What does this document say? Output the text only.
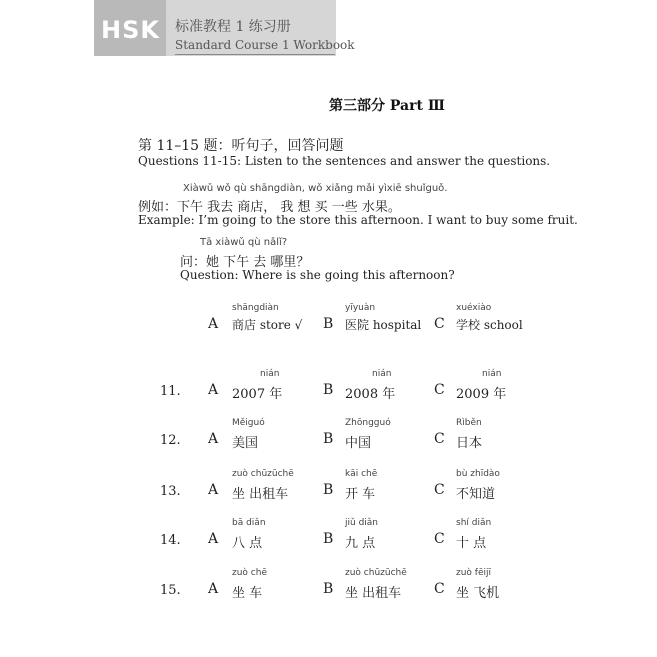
HSK 标准教程 1 练习册
Standard Course 1 Workbook
第三部分 Part Ⅲ
第 11–15 题：听句子，回答问题
Questions 11-15: Listen to the sentences and answer the questions.
Xiàwǔ wǒ qù shāngdiàn, wǒ xiǎng mǎi yìxiē shuǐguǒ.
例如：下午 我去 商店， 我 想 买 一些 水果。
Example: I’m going to the store this afternoon. I want to buy some fruit.
Tā xiàwǔ qù nǎlǐ?
问：她 下午 去 哪里？
Question: Where is she going this afternoon?
shāngdiàn
A 商店 store √
yīyuàn
B 医院 hospital
xuéxiào
C 学校 school
11.
nián
A 2007 年
nián
B 2008 年
nián
C 2009 年
12.
Měiguó
A 美国
Zhōngguó
B 中国
Rìběn
C 日本
13.
zuò chūzūchē
A 坐 出租车
kāi chē
B 开 车
bù zhīdào
C 不知道
14.
bā diǎn
A 八 点
jiǔ diǎn
B 九 点
shí diǎn
C 十 点
15.
zuò chē
A 坐 车
zuò chūzūchē
B 坐 出租车
zuò fēijī
C 坐 飞机
